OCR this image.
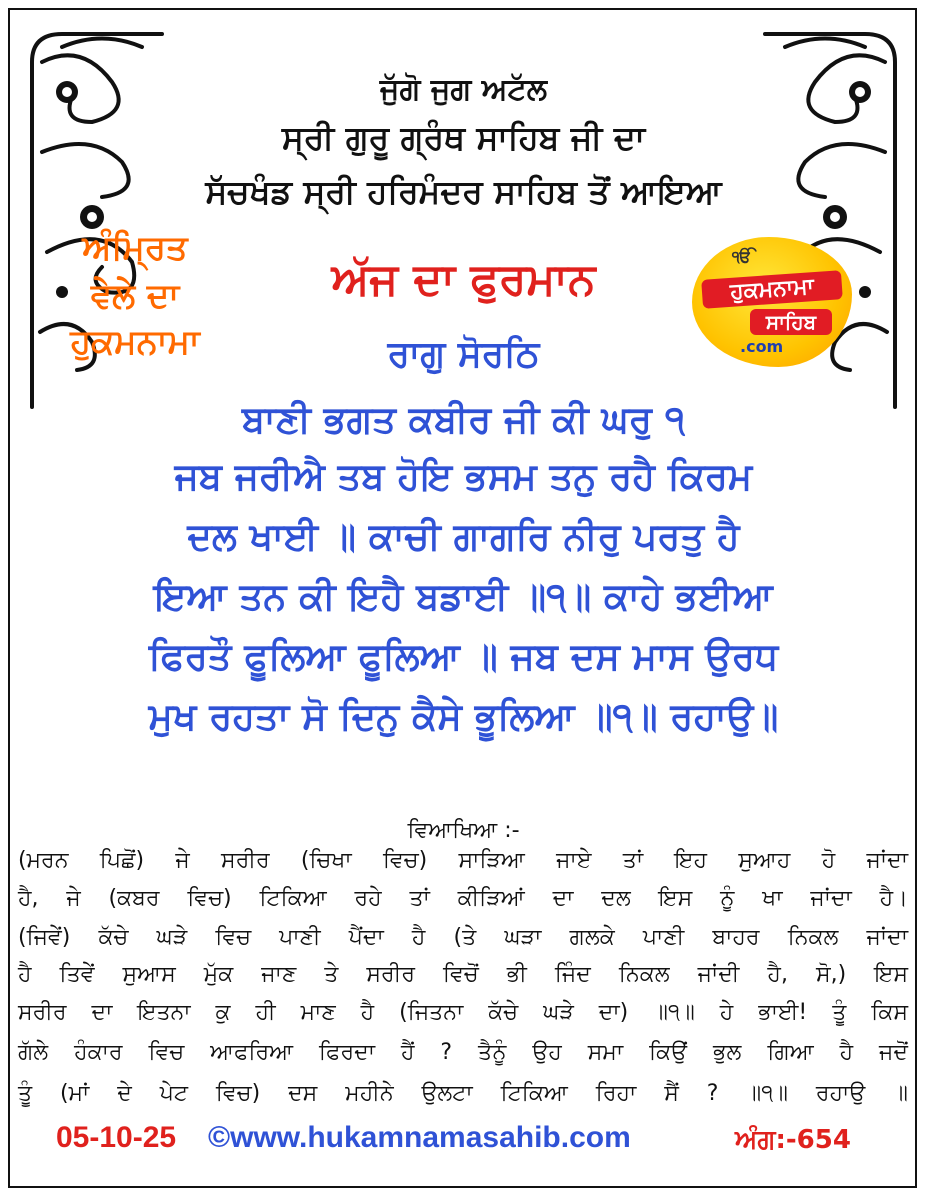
ਜੁੱਗੋ ਜੁਗ ਅਟੱਲ
ਸ੍ਰੀ ਗੁਰੂ ਗ੍ਰੰਥ ਸਾਹਿਬ ਜੀ ਦਾ
ਸੱਚਖੰਡ ਸ੍ਰੀ ਹਰਿਮੰਦਰ ਸਾਹਿਬ ਤੋਂ ਆਇਆ
ਅੰਮ੍ਰਿਤ
ਵੇਲੇ ਦਾ
ਹੁਕਮਨਾਮਾ
ਅੱਜ ਦਾ ਫੁਰਮਾਨ
ਰਾਗੁ ਸੋਰਠਿ
ੴ
ਹੁਕਮਨਾਮਾ
ਸਾਹਿਬ
.com
ਬਾਣੀ ਭਗਤ ਕਬੀਰ ਜੀ ਕੀ ਘਰੁ ੧
ਜਬ ਜਰੀਐ ਤਬ ਹੋਇ ਭਸਮ ਤਨੁ ਰਹੈ ਕਿਰਮ
ਦਲ ਖਾਈ ॥ ਕਾਚੀ ਗਾਗਰਿ ਨੀਰੁ ਪਰਤੁ ਹੈ
ਇਆ ਤਨ ਕੀ ਇਹੈ ਬਡਾਈ ॥੧॥ ਕਾਹੇ ਭਈਆ
ਫਿਰਤੌ ਫੂਲਿਆ ਫੂਲਿਆ ॥ ਜਬ ਦਸ ਮਾਸ ਉਰਧ
ਮੁਖ ਰਹਤਾ ਸੋ ਦਿਨੁ ਕੈਸੇ ਭੂਲਿਆ ॥੧॥ ਰਹਾਉ॥
ਵਿਆਖਿਆ :-
(ਮਰਨ ਪਿਛੋਂ) ਜੇ ਸਰੀਰ (ਚਿਖਾ ਵਿਚ) ਸਾੜਿਆ ਜਾਏ ਤਾਂ ਇਹ ਸੁਆਹ ਹੋ ਜਾਂਦਾ
ਹੈ, ਜੇ (ਕਬਰ ਵਿਚ) ਟਿਕਿਆ ਰਹੇ ਤਾਂ ਕੀੜਿਆਂ ਦਾ ਦਲ ਇਸ ਨੂੰ ਖਾ ਜਾਂਦਾ ਹੈ।
(ਜਿਵੇਂ) ਕੱਚੇ ਘੜੇ ਵਿਚ ਪਾਣੀ ਪੈਂਦਾ ਹੈ (ਤੇ ਘੜਾ ਗਲਕੇ ਪਾਣੀ ਬਾਹਰ ਨਿਕਲ ਜਾਂਦਾ
ਹੈ ਤਿਵੇਂ ਸੁਆਸ ਮੁੱਕ ਜਾਣ ਤੇ ਸਰੀਰ ਵਿਚੋਂ ਭੀ ਜਿੰਦ ਨਿਕਲ ਜਾਂਦੀ ਹੈ, ਸੋ,) ਇਸ
ਸਰੀਰ ਦਾ ਇਤਨਾ ਕੁ ਹੀ ਮਾਣ ਹੈ (ਜਿਤਨਾ ਕੱਚੇ ਘੜੇ ਦਾ) ॥੧॥ ਹੇ ਭਾਈ! ਤੂੰ ਕਿਸ
ਗੱਲੇ ਹੰਕਾਰ ਵਿਚ ਆਫਰਿਆ ਫਿਰਦਾ ਹੈਂ ? ਤੈਨੂੰ ਉਹ ਸਮਾ ਕਿਉਂ ਭੁਲ ਗਿਆ ਹੈ ਜਦੋਂ
ਤੂੰ (ਮਾਂ ਦੇ ਪੇਟ ਵਿਚ) ਦਸ ਮਹੀਨੇ ਉਲਟਾ ਟਿਕਿਆ ਰਿਹਾ ਸੈਂ ? ॥੧॥ ਰਹਾਉ ॥
05-10-25 ©www.hukamnamasahib.com	ਅੰਗ:-654
